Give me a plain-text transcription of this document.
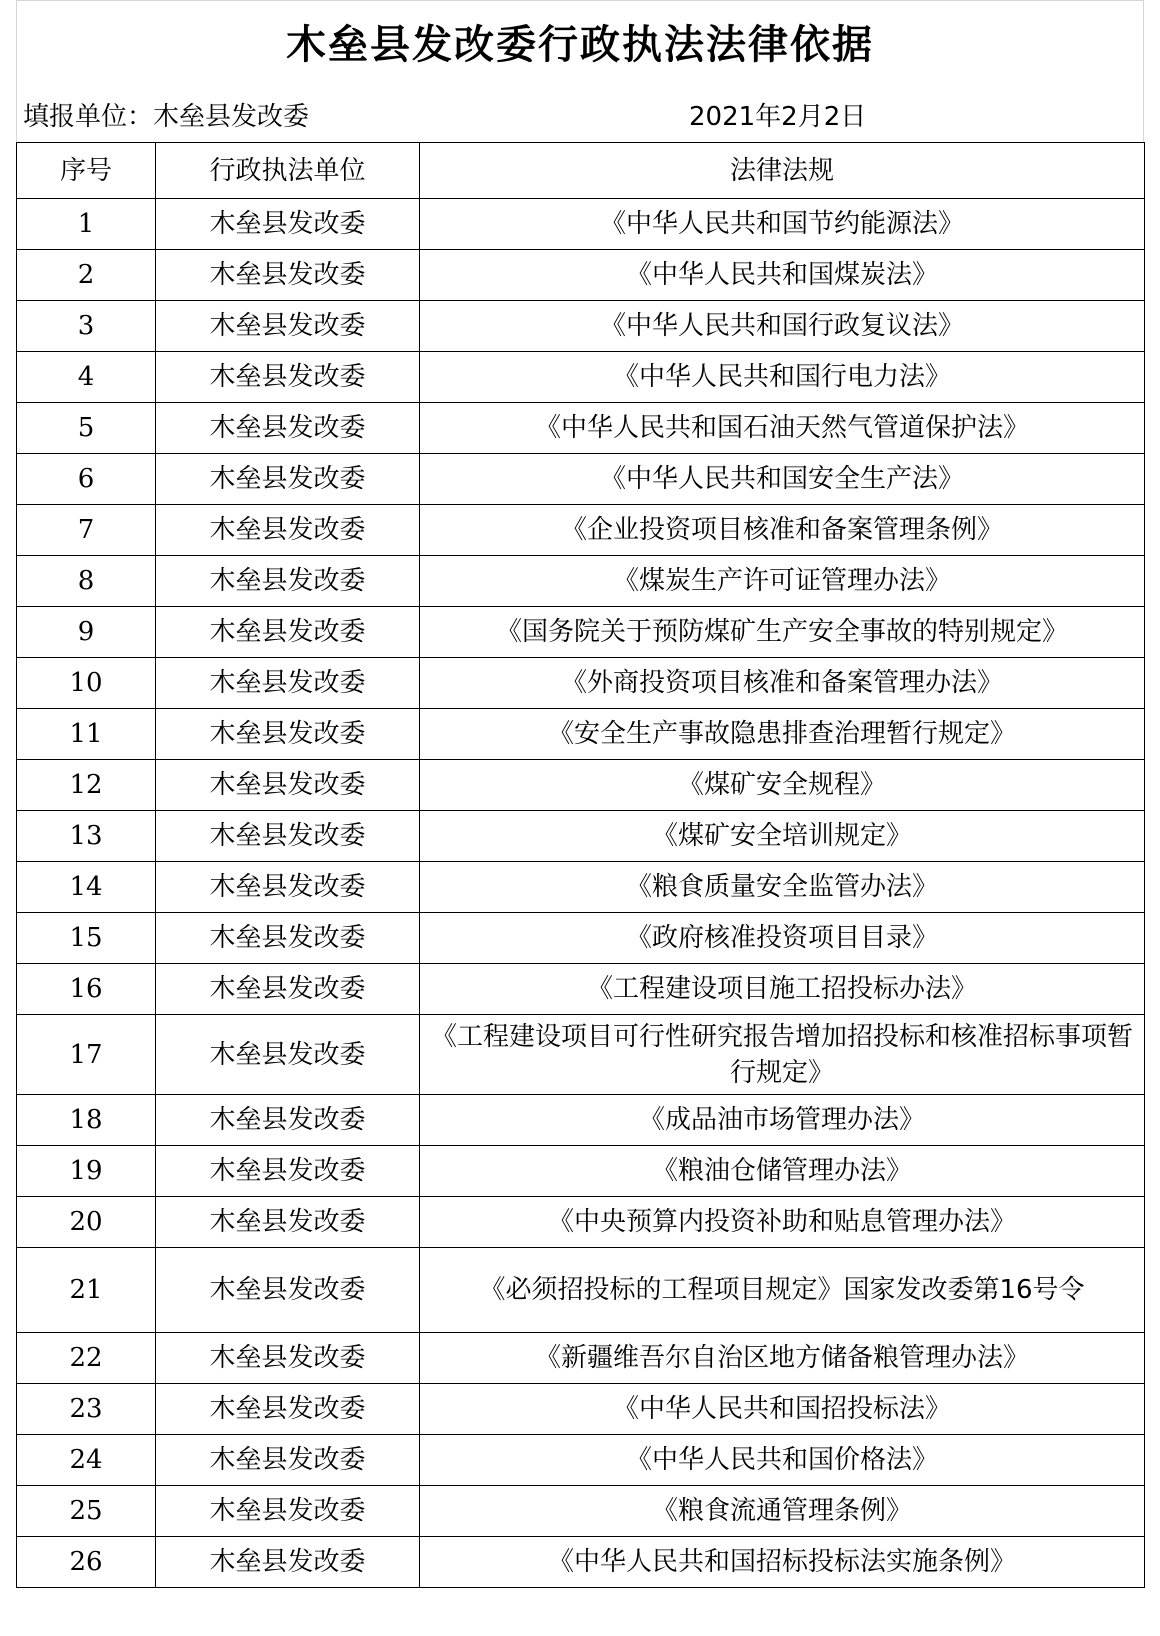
木垒县发改委行政执法法律依据
填报单位：木垒县发改委	2021年2月2日
序号	行政执法单位	法律法规
1	木垒县发改委	《中华人民共和国节约能源法》
2	木垒县发改委	《中华人民共和国煤炭法》
3	木垒县发改委	《中华人民共和国行政复议法》
4	木垒县发改委	《中华人民共和国行电力法》
5	木垒县发改委	《中华人民共和国石油天然气管道保护法》
6	木垒县发改委	《中华人民共和国安全生产法》
7	木垒县发改委	《企业投资项目核准和备案管理条例》
8	木垒县发改委	《煤炭生产许可证管理办法》
9	木垒县发改委	《国务院关于预防煤矿生产安全事故的特别规定》
10	木垒县发改委	《外商投资项目核准和备案管理办法》
11	木垒县发改委	《安全生产事故隐患排查治理暂行规定》
12	木垒县发改委	《煤矿安全规程》
13	木垒县发改委	《煤矿安全培训规定》
14	木垒县发改委	《粮食质量安全监管办法》
15	木垒县发改委	《政府核准投资项目目录》
16	木垒县发改委	《工程建设项目施工招投标办法》
17	木垒县发改委	《工程建设项目可行性研究报告增加招投标和核准招标事项暂行规定》
18	木垒县发改委	《成品油市场管理办法》
19	木垒县发改委	《粮油仓储管理办法》
20	木垒县发改委	《中央预算内投资补助和贴息管理办法》
21	木垒县发改委	《必须招投标的工程项目规定》国家发改委第16号令
22	木垒县发改委	《新疆维吾尔自治区地方储备粮管理办法》
23	木垒县发改委	《中华人民共和国招投标法》
24	木垒县发改委	《中华人民共和国价格法》
25	木垒县发改委	《粮食流通管理条例》
26	木垒县发改委	《中华人民共和国招标投标法实施条例》
